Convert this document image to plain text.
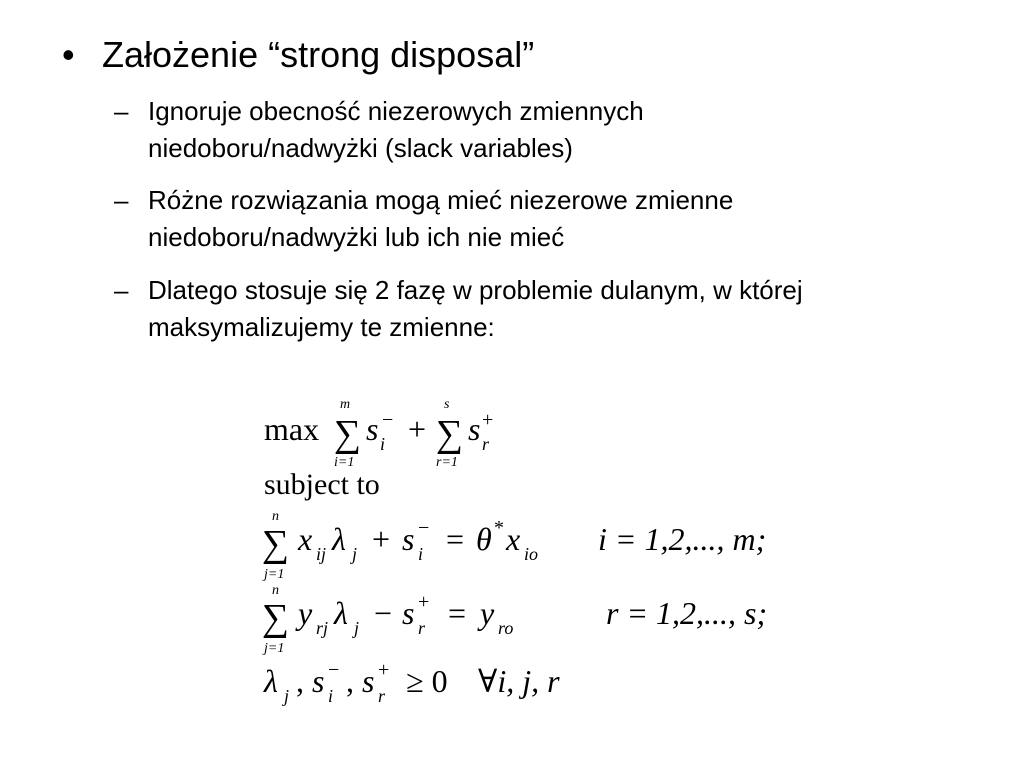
• Założenie “strong disposal”
– Ignoruje obecność niezerowych zmiennych
niedoboru/nadwyżki (slack variables)
– Różne rozwiązania mogą mieć niezerowe zmienne
niedoboru/nadwyżki lub ich nie mieć
– Dlatego stosuje się 2 fazę w problemie dulanym, w której
maksymalizujemy te zmienne:
max ∑
m
i=1
s i
− + ∑
s
r=1
s r
+
subject to
∑
n
j=1
x ij λ j + s i
− = θ * x io i = 1,2,..., m;
∑
n
j=1
y rj λ j − s r
+ = y ro	r = 1,2,..., s;
λ j , s i
− , s r
+ ≥ 0 ∀i, j, r
